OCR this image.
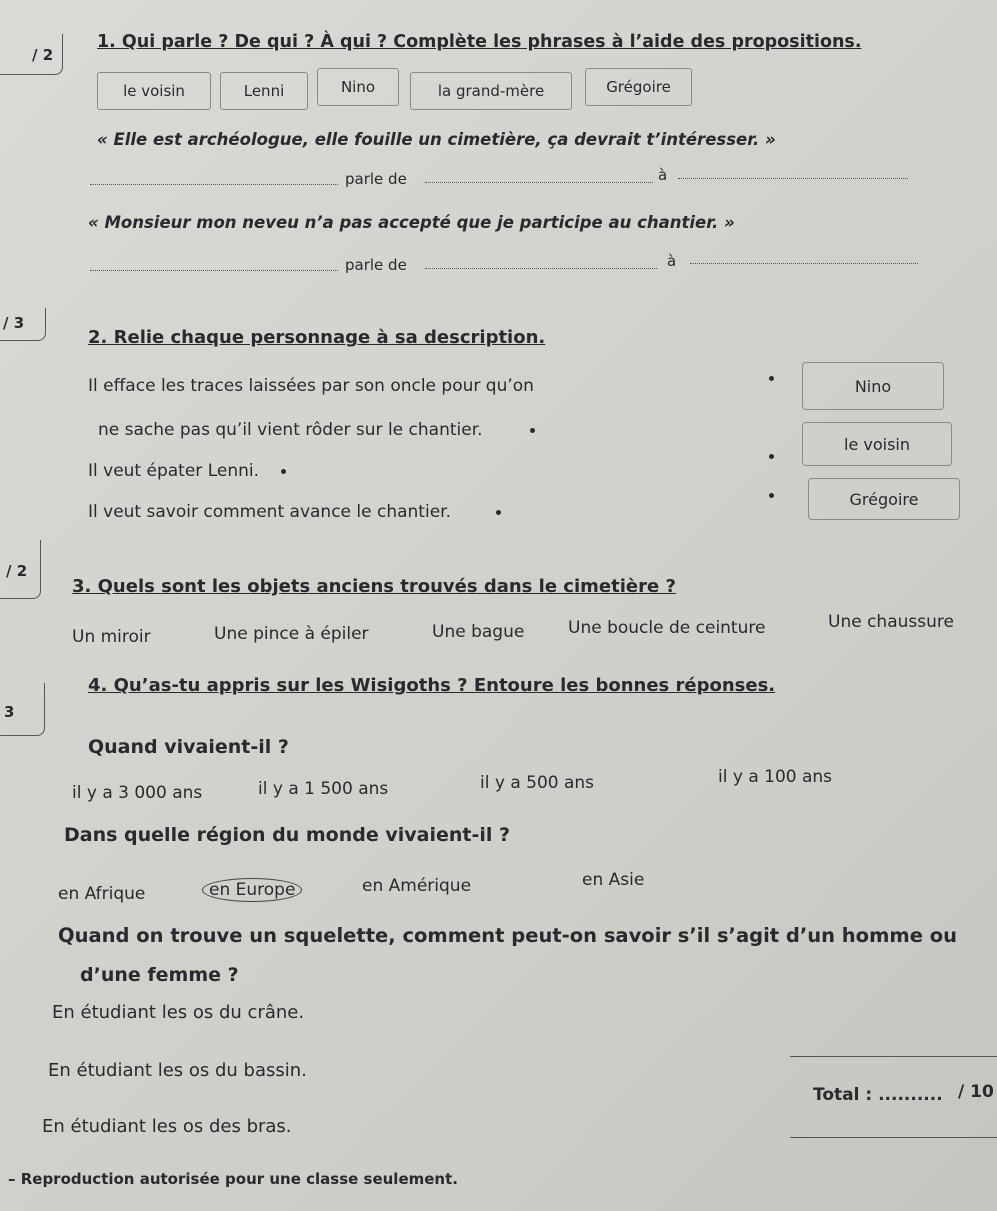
/ 2
1. Qui parle ? De qui ? À qui ? Complète les phrases à l’aide des propositions.
le voisin	Lenni	Nino	la grand-mère	Grégoire
« Elle est archéologue, elle fouille un cimetière, ça devrait t’intéresser. »
parle de	à
« Monsieur mon neveu n’a pas accepté que je participe au chantier. »
parle de	à
/ 3
2. Relie chaque personnage à sa description.
Il efface les traces laissées par son oncle pour qu’on
ne sache pas qu’il vient rôder sur le chantier.
Il veut épater Lenni.
Il veut savoir comment avance le chantier.
Nino
le voisin
Grégoire
/ 2
3. Quels sont les objets anciens trouvés dans le cimetière ?
Un miroir	Une pince à épiler	Une bague	Une boucle de ceinture	Une chaussure
3
4. Qu’as-tu appris sur les Wisigoths ? Entoure les bonnes réponses.
Quand vivaient-il ?
il y a 3 000 ans	il y a 1 500 ans	il y a 500 ans	il y a 100 ans
Dans quelle région du monde vivaient-il ?
en Afrique	en Europe	en Amérique	en Asie
Quand on trouve un squelette, comment peut-on savoir s’il s’agit d’un homme ou
d’une femme ?
En étudiant les os du crâne.
En étudiant les os du bassin.
En étudiant les os des bras.
Total : .......... / 10
– Reproduction autorisée pour une classe seulement.
